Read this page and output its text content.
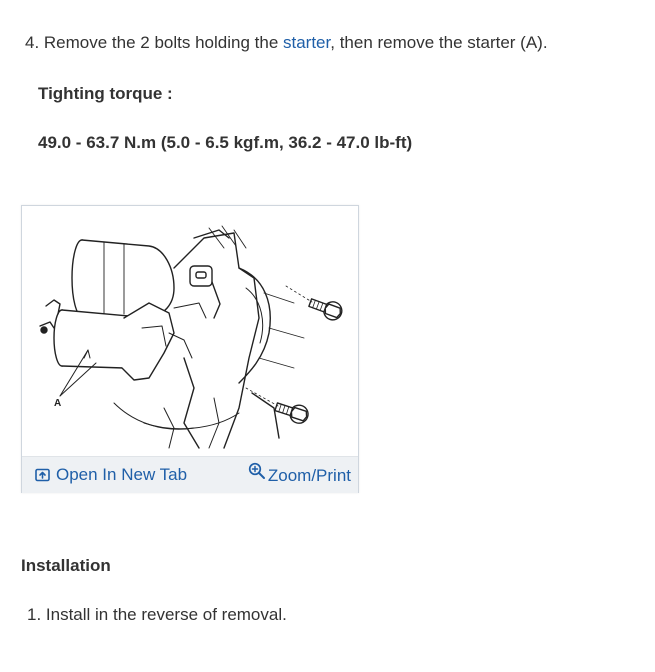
4. Remove the 2 bolts holding the starter, then remove the starter (A).
Tighting torque :
49.0 - 63.7 N.m (5.0 - 6.5 kgf.m, 36.2 - 47.0 lb-ft)
A
Open In New Tab	Zoom/Print
Installation
1. Install in the reverse of removal.
